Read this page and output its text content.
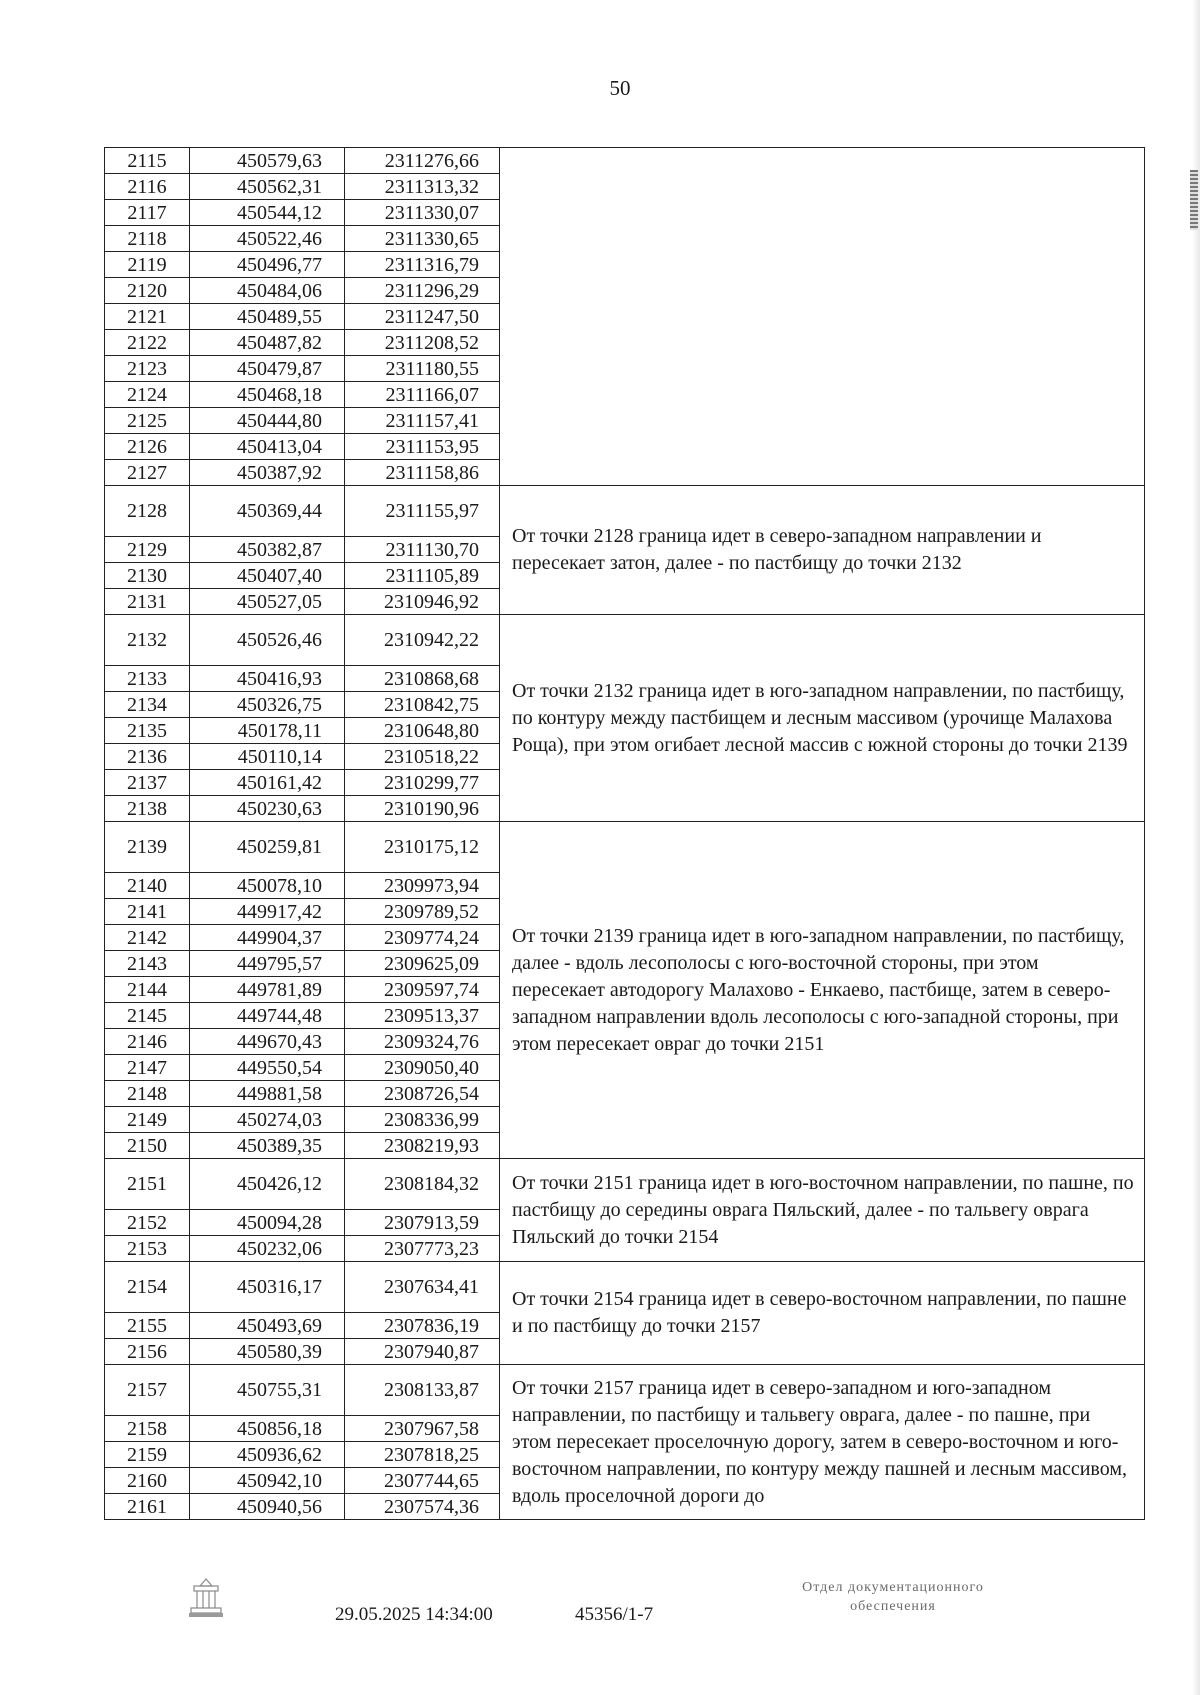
50
2115	450579,63	2311276,66	
2116	450562,31	2311313,32	
2117	450544,12	2311330,07	
2118	450522,46	2311330,65	
2119	450496,77	2311316,79	
2120	450484,06	2311296,29	
2121	450489,55	2311247,50	
2122	450487,82	2311208,52	
2123	450479,87	2311180,55	
2124	450468,18	2311166,07	
2125	450444,80	2311157,41	
2126	450413,04	2311153,95	
2127	450387,92	2311158,86	
2128	450369,44	2311155,97	От точки 2128 граница идет в северо-западном направлении и пересекает затон, далее - по пастбищу до точки 2132
2129	450382,87	2311130,70	
2130	450407,40	2311105,89	
2131	450527,05	2310946,92	
2132	450526,46	2310942,22	От точки 2132 граница идет в юго-западном направлении, по пастбищу, по контуру между пастбищем и лесным массивом (урочище Малахова Роща), при этом огибает лесной массив с южной стороны до точки 2139
2133	450416,93	2310868,68	
2134	450326,75	2310842,75	
2135	450178,11	2310648,80	
2136	450110,14	2310518,22	
2137	450161,42	2310299,77	
2138	450230,63	2310190,96	
2139	450259,81	2310175,12	От точки 2139 граница идет в юго-западном направлении, по пастбищу, далее - вдоль лесополосы с юго-восточной стороны, при этом пересекает автодорогу Малахово - Енкаево, пастбище, затем в северо-западном направлении вдоль лесополосы с юго-западной стороны, при этом пересекает овраг до точки 2151
2140	450078,10	2309973,94	
2141	449917,42	2309789,52	
2142	449904,37	2309774,24	
2143	449795,57	2309625,09	
2144	449781,89	2309597,74	
2145	449744,48	2309513,37	
2146	449670,43	2309324,76	
2147	449550,54	2309050,40	
2148	449881,58	2308726,54	
2149	450274,03	2308336,99	
2150	450389,35	2308219,93	
2151	450426,12	2308184,32	От точки 2151 граница идет в юго-восточном направлении, по пашне, по пастбищу до середины оврага Пяльский, далее - по тальвегу оврага Пяльский до точки 2154
2152	450094,28	2307913,59	
2153	450232,06	2307773,23	
2154	450316,17	2307634,41	От точки 2154 граница идет в северо-восточном направлении, по пашне и по пастбищу до точки 2157
2155	450493,69	2307836,19	
2156	450580,39	2307940,87	
2157	450755,31	2308133,87	От точки 2157 граница идет в северо-западном и юго-западном направлении, по пастбищу и тальвегу оврага, далее - по пашне, при этом пересекает проселочную дорогу, затем в северо-восточном и юго-восточном направлении, по контуру между пашней и лесным массивом, вдоль проселочной дороги до
2158	450856,18	2307967,58	
2159	450936,62	2307818,25	
2160	450942,10	2307744,65	
2161	450940,56	2307574,36	
29.05.2025 14:34:00	45356/1-7
Отдел документационного
обеспечения
